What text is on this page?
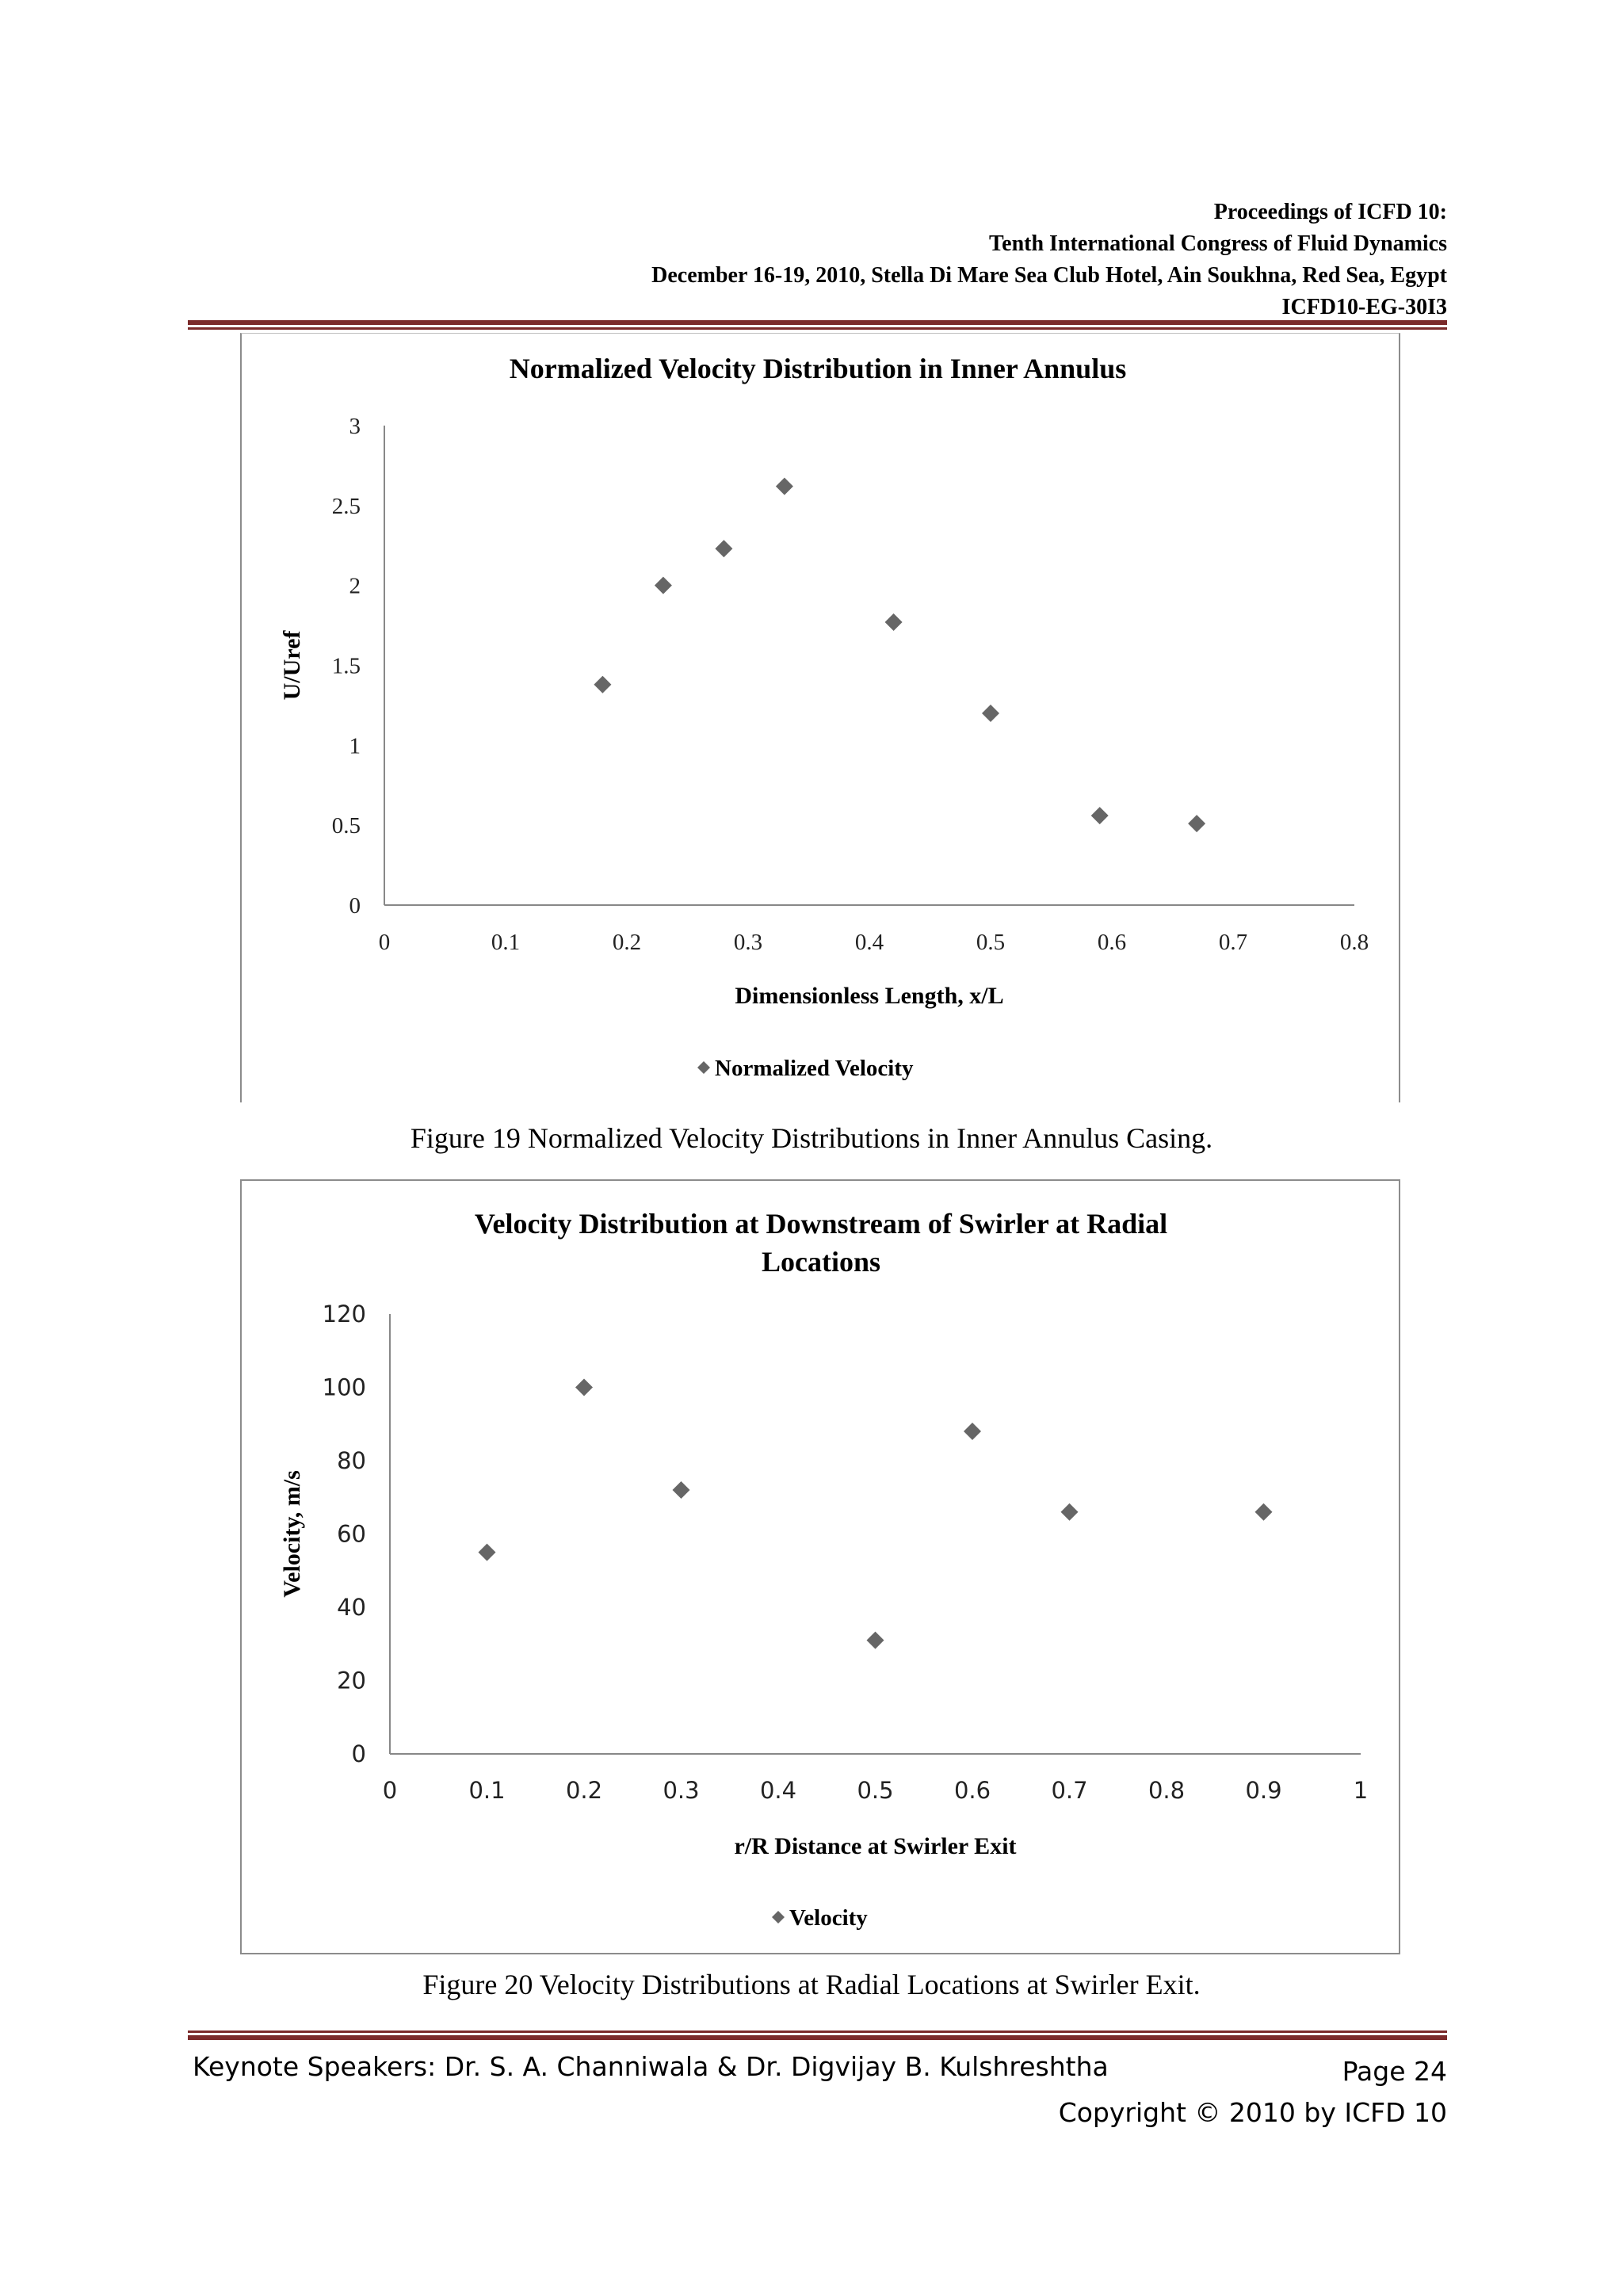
Proceedings of ICFD 10:
Tenth International Congress of Fluid Dynamics
December 16-19, 2010, Stella Di Mare Sea Club Hotel, Ain Soukhna, Red Sea, Egypt
ICFD10-EG-30I3
Normalized Velocity Distribution in Inner Annulus
0
0.5
1
1.5
2
2.5
3
0	0.1	0.2	0.3	0.4	0.5	0.6	0.7	0.8
Dimensionless Length, x/L
U/Uref
Normalized Velocity
Figure 19 Normalized Velocity Distributions in Inner Annulus Casing.
Velocity Distribution at Downstream of Swirler at Radial
Locations
0
20
40
60
80
100
120
0	0.1	0.2	0.3	0.4	0.5	0.6	0.7	0.8	0.9	1
r/R Distance at Swirler Exit
Velocity, m/s
Velocity
Figure 20 Velocity Distributions at Radial Locations at Swirler Exit.
Keynote Speakers: Dr. S. A. Channiwala & Dr. Digvijay B. Kulshreshtha	Page 24
Copyright © 2010 by ICFD 10
